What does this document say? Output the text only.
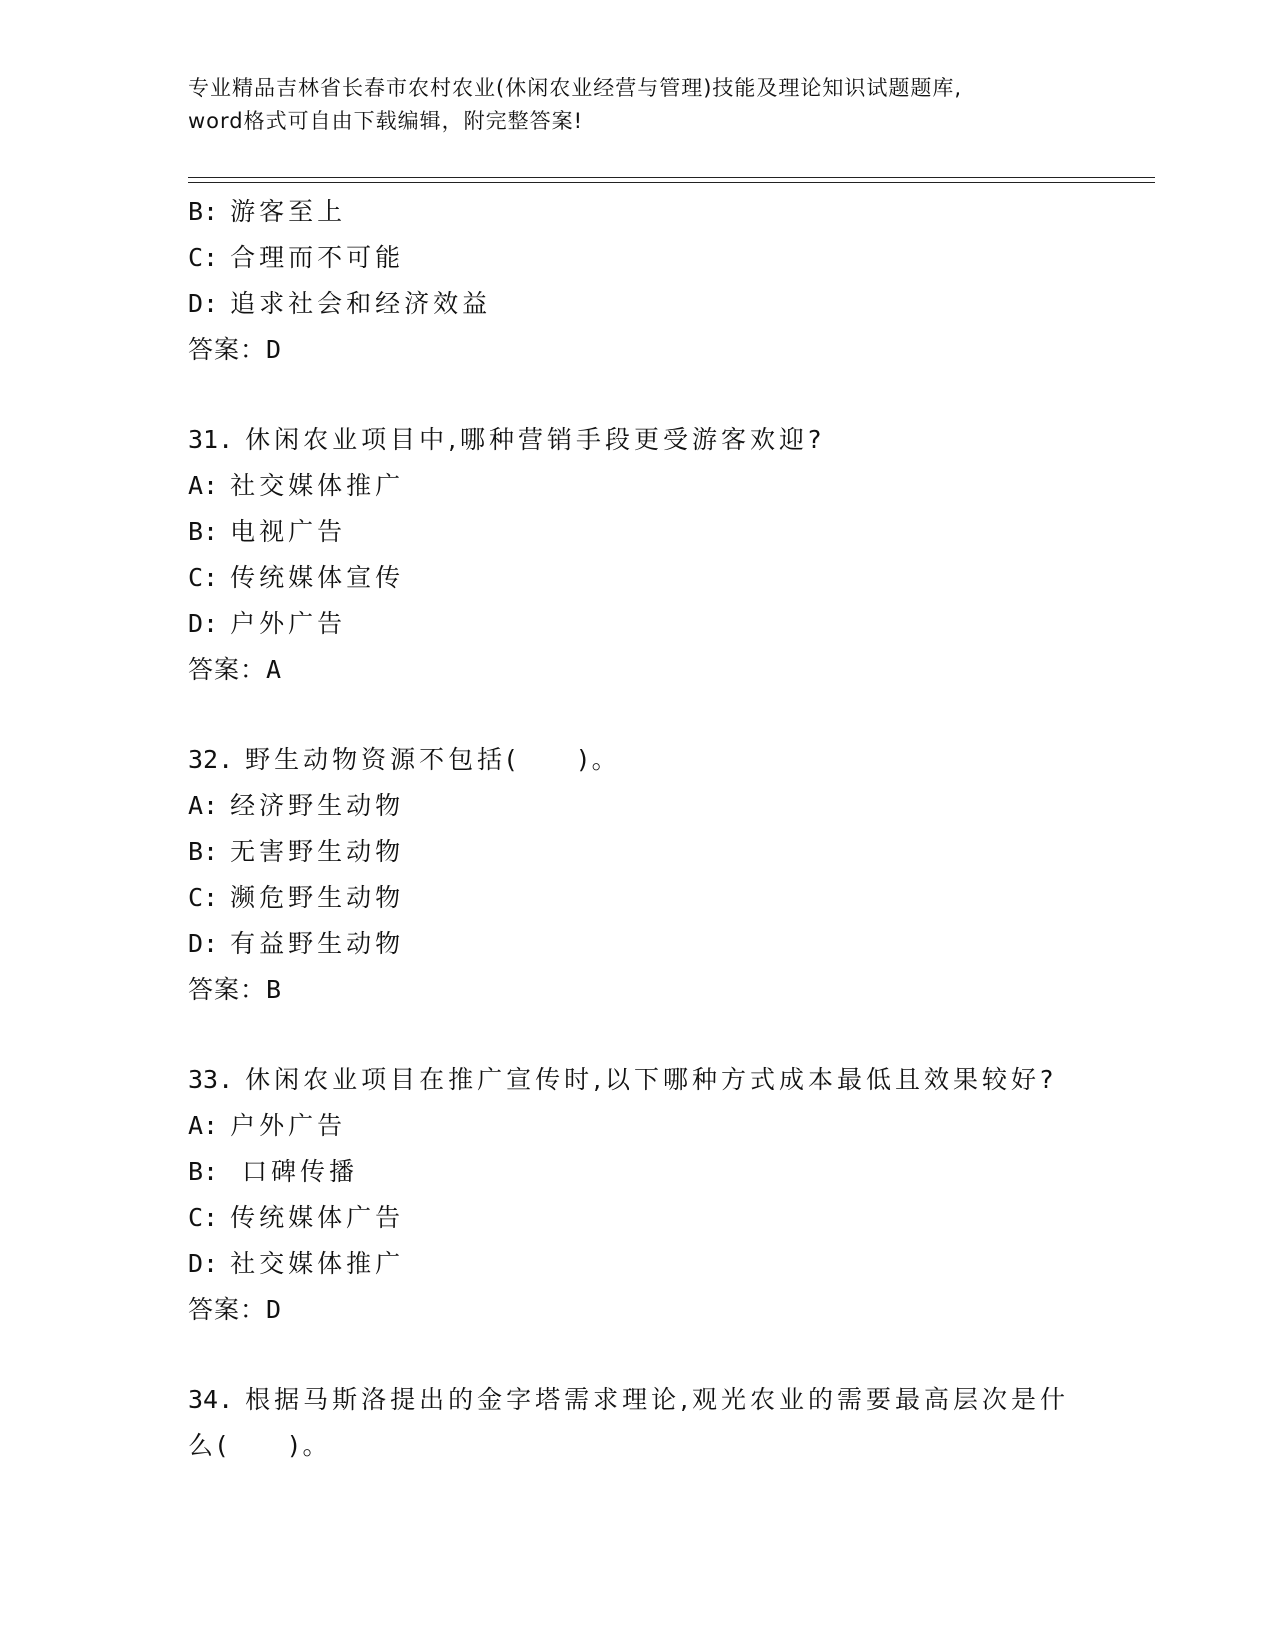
专业精品吉林省长春市农村农业(休闲农业经营与管理)技能及理论知识试题题库,
word格式可自由下载编辑，附完整答案!
B: 游客至上
C: 合理而不可能
D: 追求社会和经济效益
答案：D
31. 休闲农业项目中,哪种营销手段更受游客欢迎?
A: 社交媒体推广
B: 电视广告
C: 传统媒体宣传
D: 户外广告
答案：A
32. 野生动物资源不包括(　　)。
A: 经济野生动物
B: 无害野生动物
C: 濒危野生动物
D: 有益野生动物
答案：B
33. 休闲农业项目在推广宣传时,以下哪种方式成本最低且效果较好?
A: 户外广告
B:  口碑传播
C: 传统媒体广告
D: 社交媒体推广
答案：D
34. 根据马斯洛提出的金字塔需求理论,观光农业的需要最高层次是什么(　　)。
